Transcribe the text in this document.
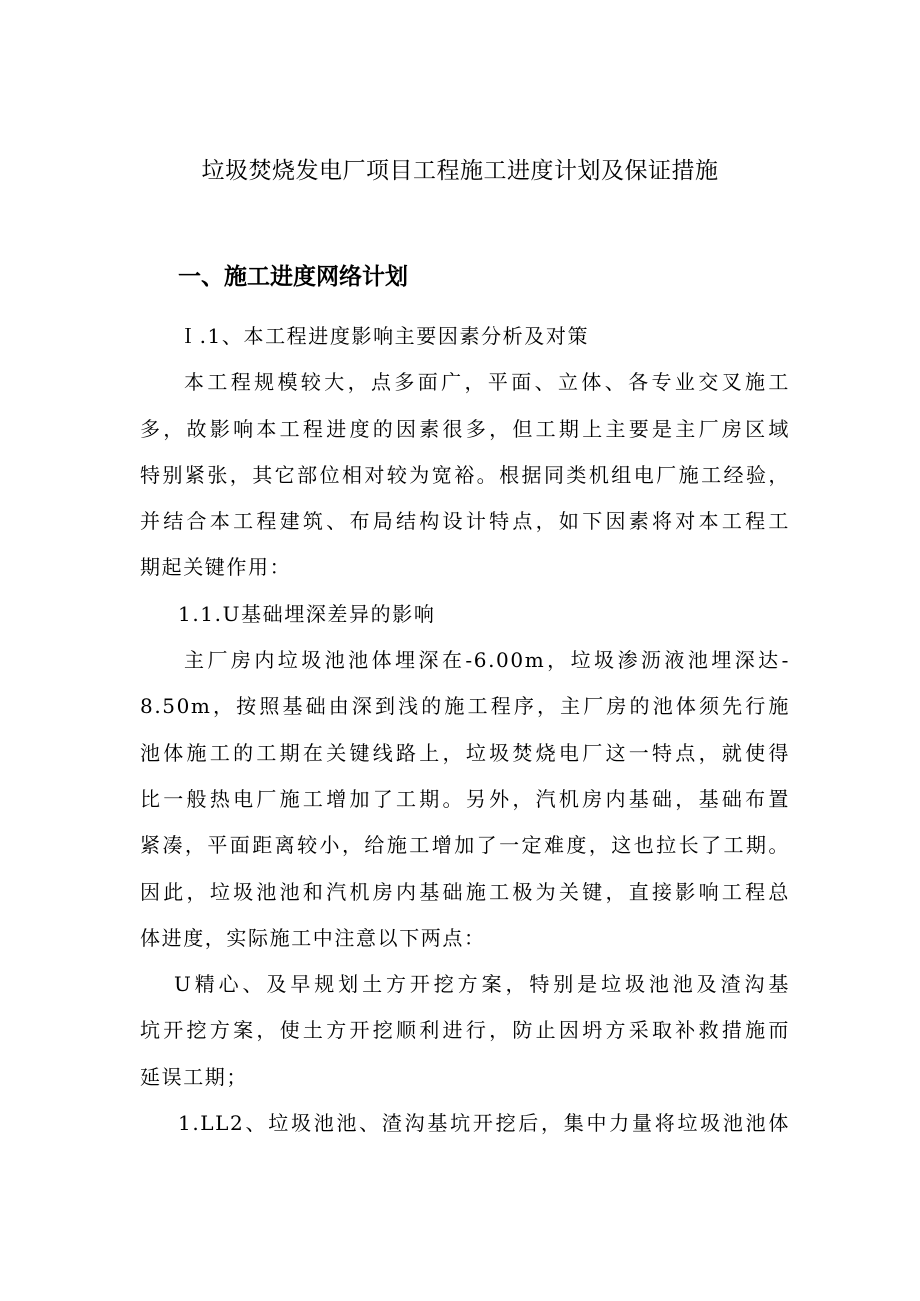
垃圾焚烧发电厂项目工程施工进度计划及保证措施
一、施工进度网络计划
Ｉ.1、本工程进度影响主要因素分析及对策
本工程规模较大，点多面广，平面、立体、各专业交叉施工
多，故影响本工程进度的因素很多，但工期上主要是主厂房区域
特别紧张，其它部位相对较为宽裕。根据同类机组电厂施工经验，
并结合本工程建筑、布局结构设计特点，如下因素将对本工程工
期起关键作用：
1.1.U基础埋深差异的影响
主厂房内垃圾池池体埋深在-6.00m，垃圾渗沥液池埋深达-
8.50m，按照基础由深到浅的施工程序，主厂房的池体须先行施
池体施工的工期在关键线路上，垃圾焚烧电厂这一特点，就使得
比一般热电厂施工增加了工期。另外，汽机房内基础，基础布置
紧凑，平面距离较小，给施工增加了一定难度，这也拉长了工期。
因此，垃圾池池和汽机房内基础施工极为关键，直接影响工程总
体进度，实际施工中注意以下两点：
U精心、及早规划土方开挖方案，特别是垃圾池池及渣沟基
坑开挖方案，使土方开挖顺利进行，防止因坍方采取补救措施而
延误工期；
1.LL2、垃圾池池、渣沟基坑开挖后，集中力量将垃圾池池体
